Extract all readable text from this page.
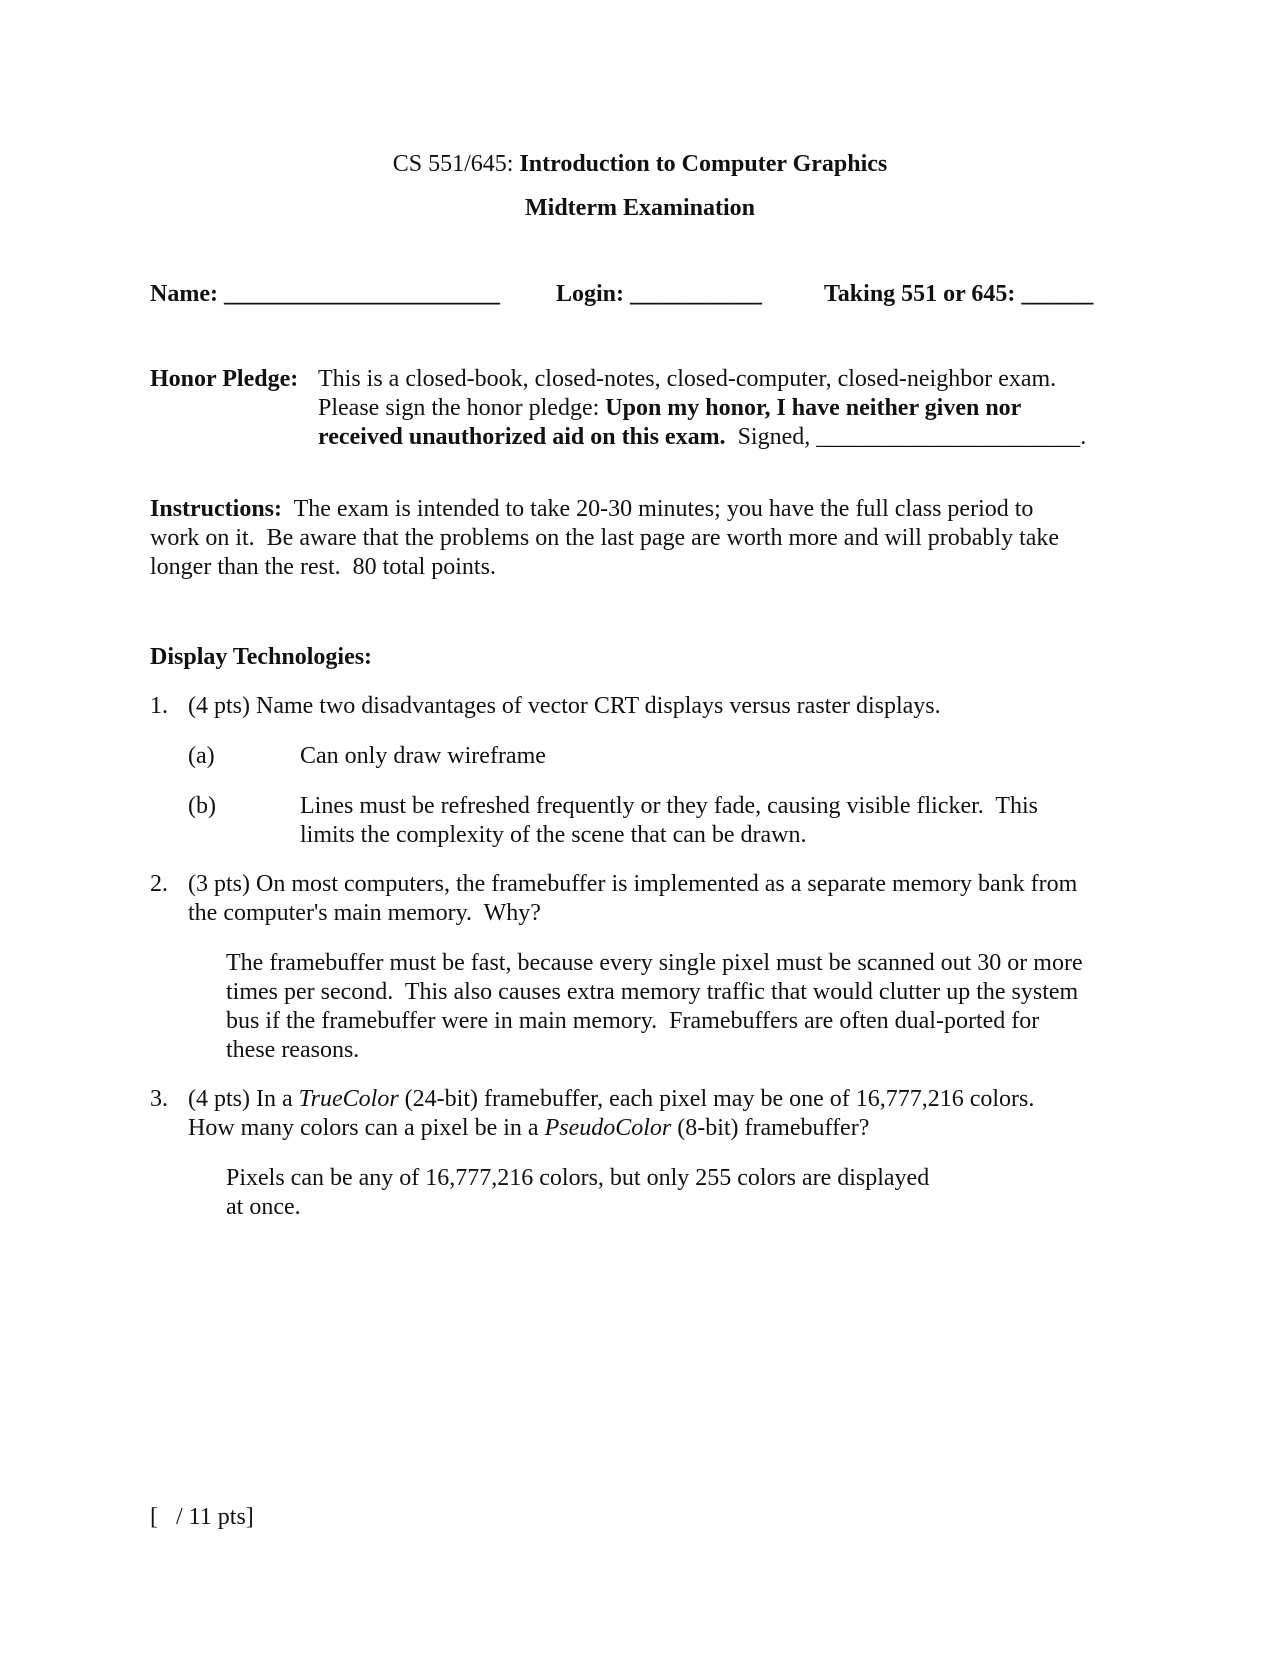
CS 551/645: Introduction to Computer Graphics
Midterm Examination
Name: _______________________ Login: ___________	Taking 551 or 645: ______
Honor Pledge: This is a closed-book, closed-notes, closed-computer, closed-neighbor exam.
Please sign the honor pledge: Upon my honor, I have neither given nor
received unauthorized aid on this exam.  Signed, ______________________.
Instructions:  The exam is intended to take 20-30 minutes; you have the full class period to
work on it.  Be aware that the problems on the last page are worth more and will probably take
longer than the rest.  80 total points.
Display Technologies:
1. (4 pts) Name two disadvantages of vector CRT displays versus raster displays.
(a)	Can only draw wireframe
(b)	Lines must be refreshed frequently or they fade, causing visible flicker.  This
limits the complexity of the scene that can be drawn.
2. (3 pts) On most computers, the framebuffer is implemented as a separate memory bank from
the computer's main memory.  Why?
The framebuffer must be fast, because every single pixel must be scanned out 30 or more
times per second.  This also causes extra memory traffic that would clutter up the system
bus if the framebuffer were in main memory.  Framebuffers are often dual-ported for
these reasons.
3. (4 pts) In a TrueColor (24-bit) framebuffer, each pixel may be one of 16,777,216 colors.
How many colors can a pixel be in a PseudoColor (8-bit) framebuffer?
Pixels can be any of 16,777,216 colors, but only 255 colors are displayed
at once.
[   / 11 pts]
